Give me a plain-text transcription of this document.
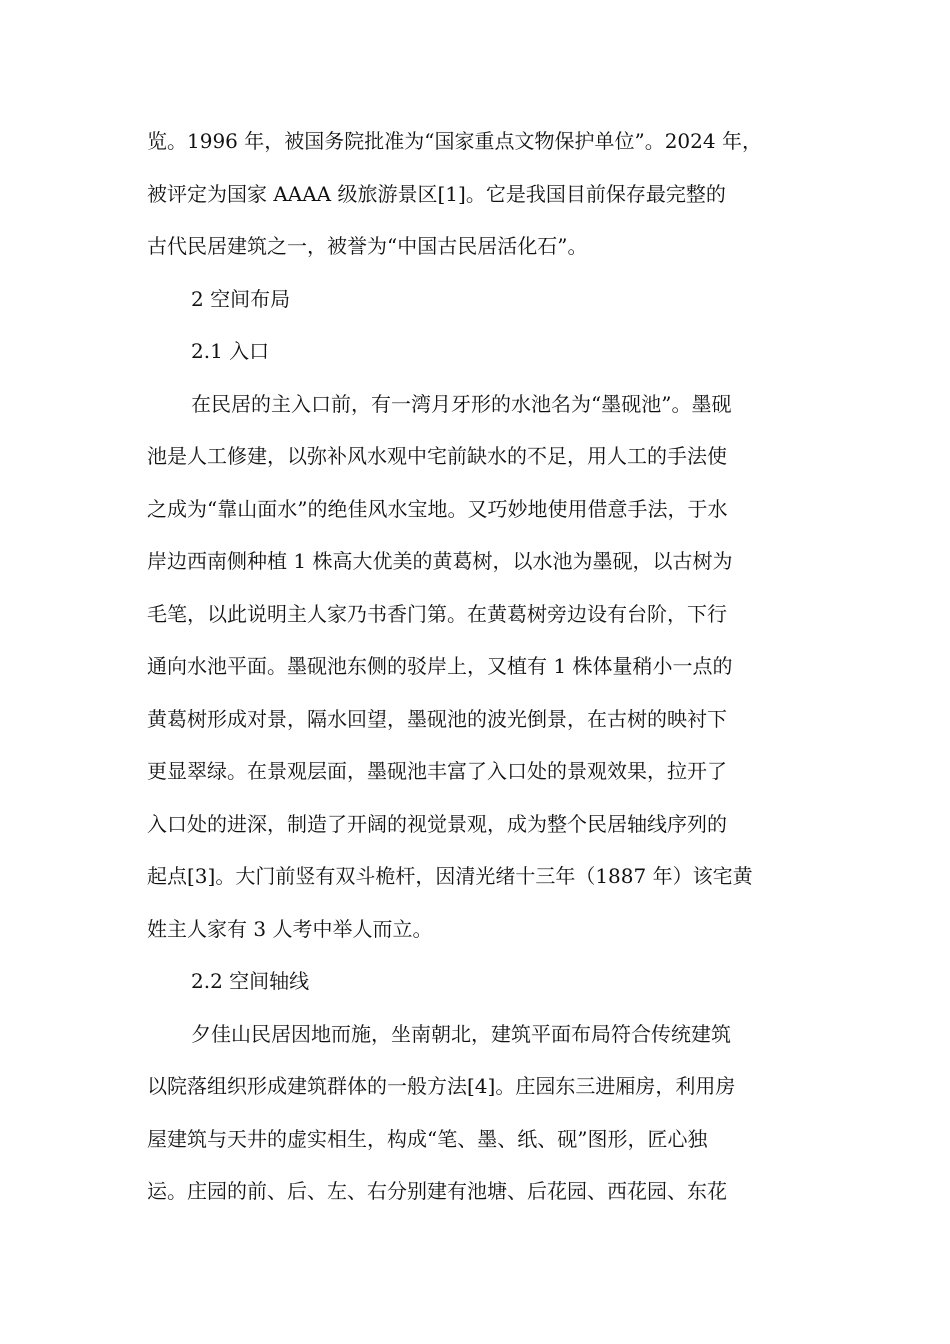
览。1996 年，被国务院批准为“国家重点文物保护单位”。2024 年，
被评定为国家 AAAA 级旅游景区[1]。它是我国目前保存最完整的
古代民居建筑之一，被誉为“中国古民居活化石”。
2 空间布局
2.1 入口
在民居的主入口前，有一湾月牙形的水池名为“墨砚池”。墨砚
池是人工修建，以弥补风水观中宅前缺水的不足，用人工的手法使
之成为“靠山面水”的绝佳风水宝地。又巧妙地使用借意手法，于水
岸边西南侧种植 1 株高大优美的黄葛树，以水池为墨砚，以古树为
毛笔，以此说明主人家乃书香门第。在黄葛树旁边设有台阶，下行
通向水池平面。墨砚池东侧的驳岸上，又植有 1 株体量稍小一点的
黄葛树形成对景，隔水回望，墨砚池的波光倒景，在古树的映衬下
更显翠绿。在景观层面，墨砚池丰富了入口处的景观效果，拉开了
入口处的进深，制造了开阔的视觉景观，成为整个民居轴线序列的
起点[3]。大门前竖有双斗桅杆，因清光绪十三年（1887 年）该宅黄
姓主人家有 3 人考中举人而立。
2.2 空间轴线
夕佳山民居因地而施，坐南朝北，建筑平面布局符合传统建筑
以院落组织形成建筑群体的一般方法[4]。庄园东三进厢房，利用房
屋建筑与天井的虚实相生，构成“笔、墨、纸、砚”图形，匠心独
运。庄园的前、后、左、右分别建有池塘、后花园、西花园、东花
